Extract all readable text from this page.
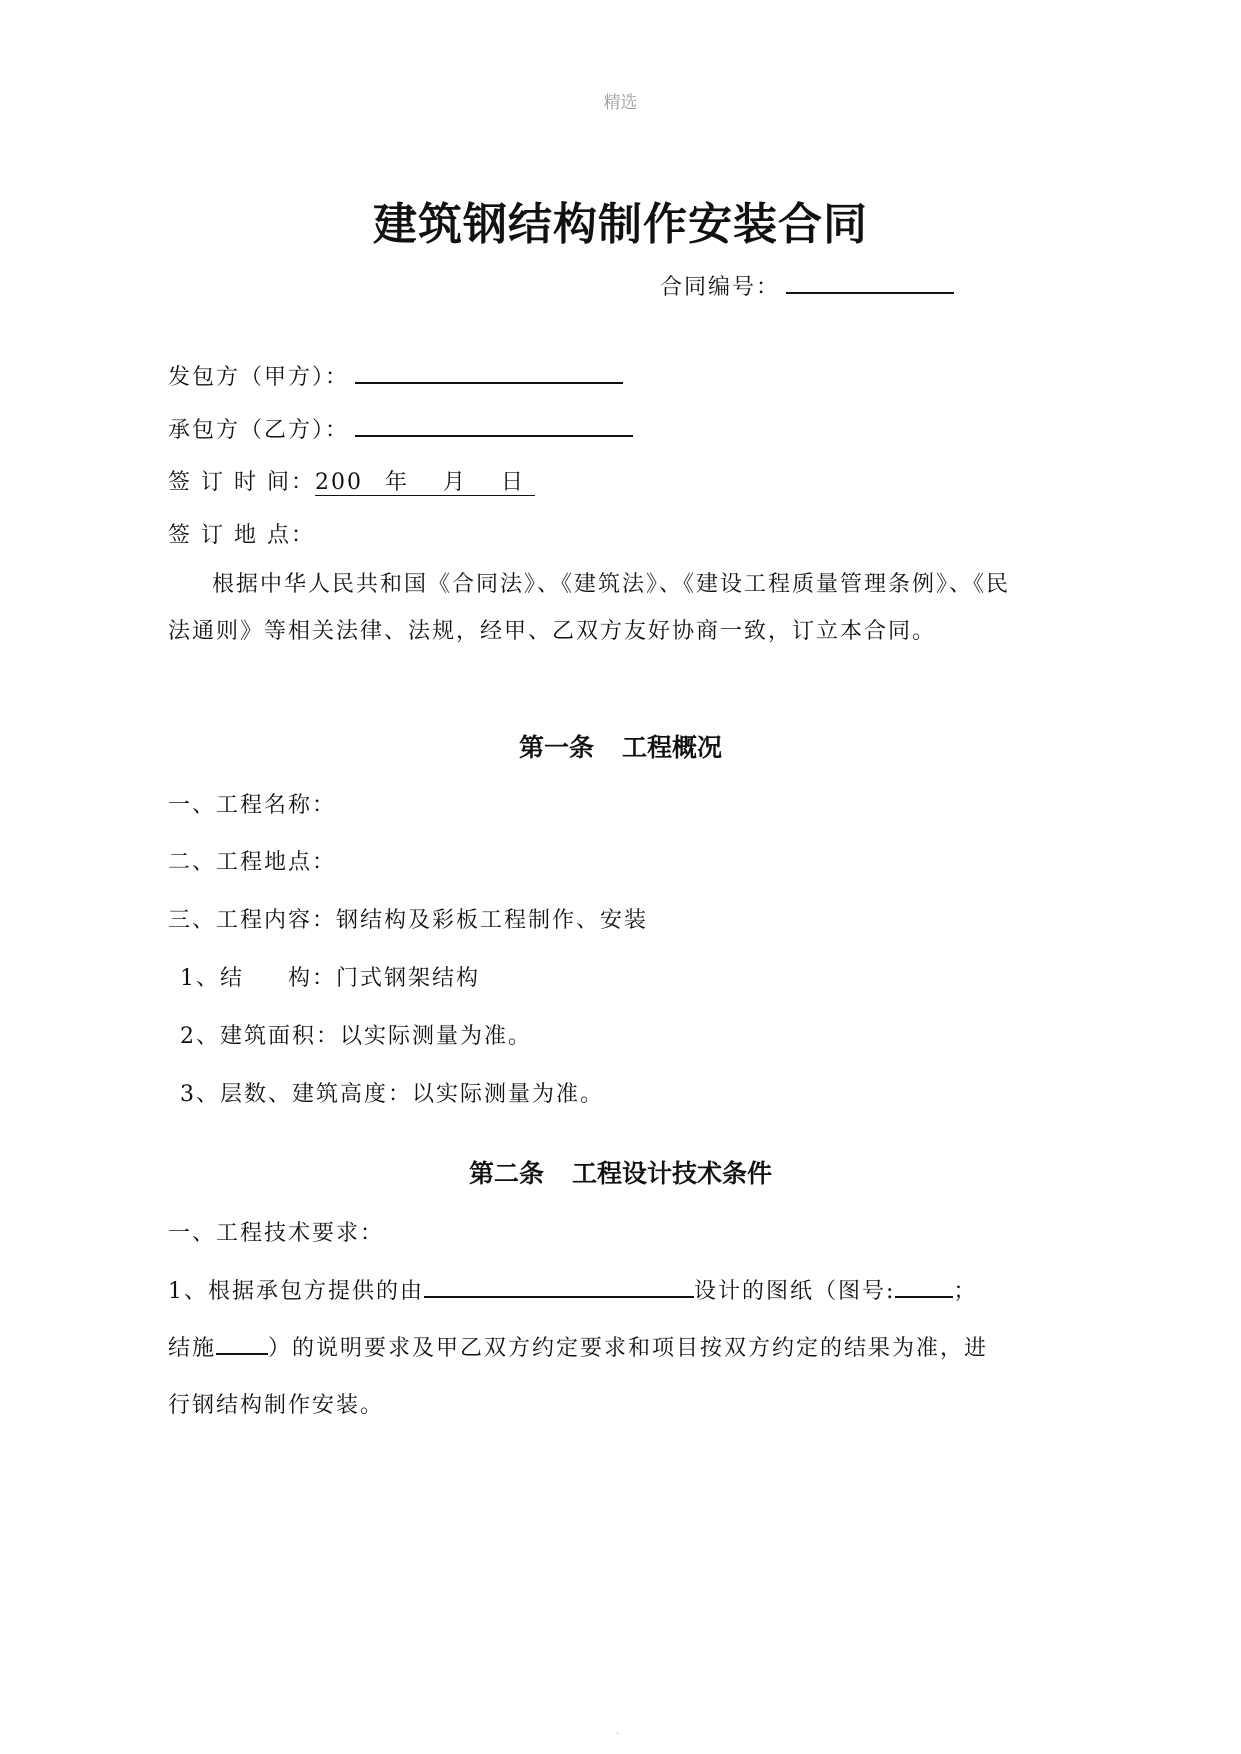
精选
建筑钢结构制作安装合同
合同编号：
发包方（甲方）：
承包方（乙方）：
签 订 时 间：200 年 月 日
签 订 地 点：
根据中华人民共和国《合同法》、《建筑法》、《建设工程质量管理条例》、《民
法通则》等相关法律、法规，经甲、乙双方友好协商一致，订立本合同。
第一条 工程概况
一、工程名称：
二、工程地点：
三、工程内容：钢结构及彩板工程制作、安装
1、结 构：门式钢架结构
2、建筑面积：以实际测量为准。
3、层数、建筑高度：以实际测量为准。
第二条 工程设计技术条件
一、工程技术要求：
1、根据承包方提供的由	设计的图纸（图号:	；
结施 ）的说明要求及甲乙双方约定要求和项目按双方约定的结果为准，进
行钢结构制作安装。
.
